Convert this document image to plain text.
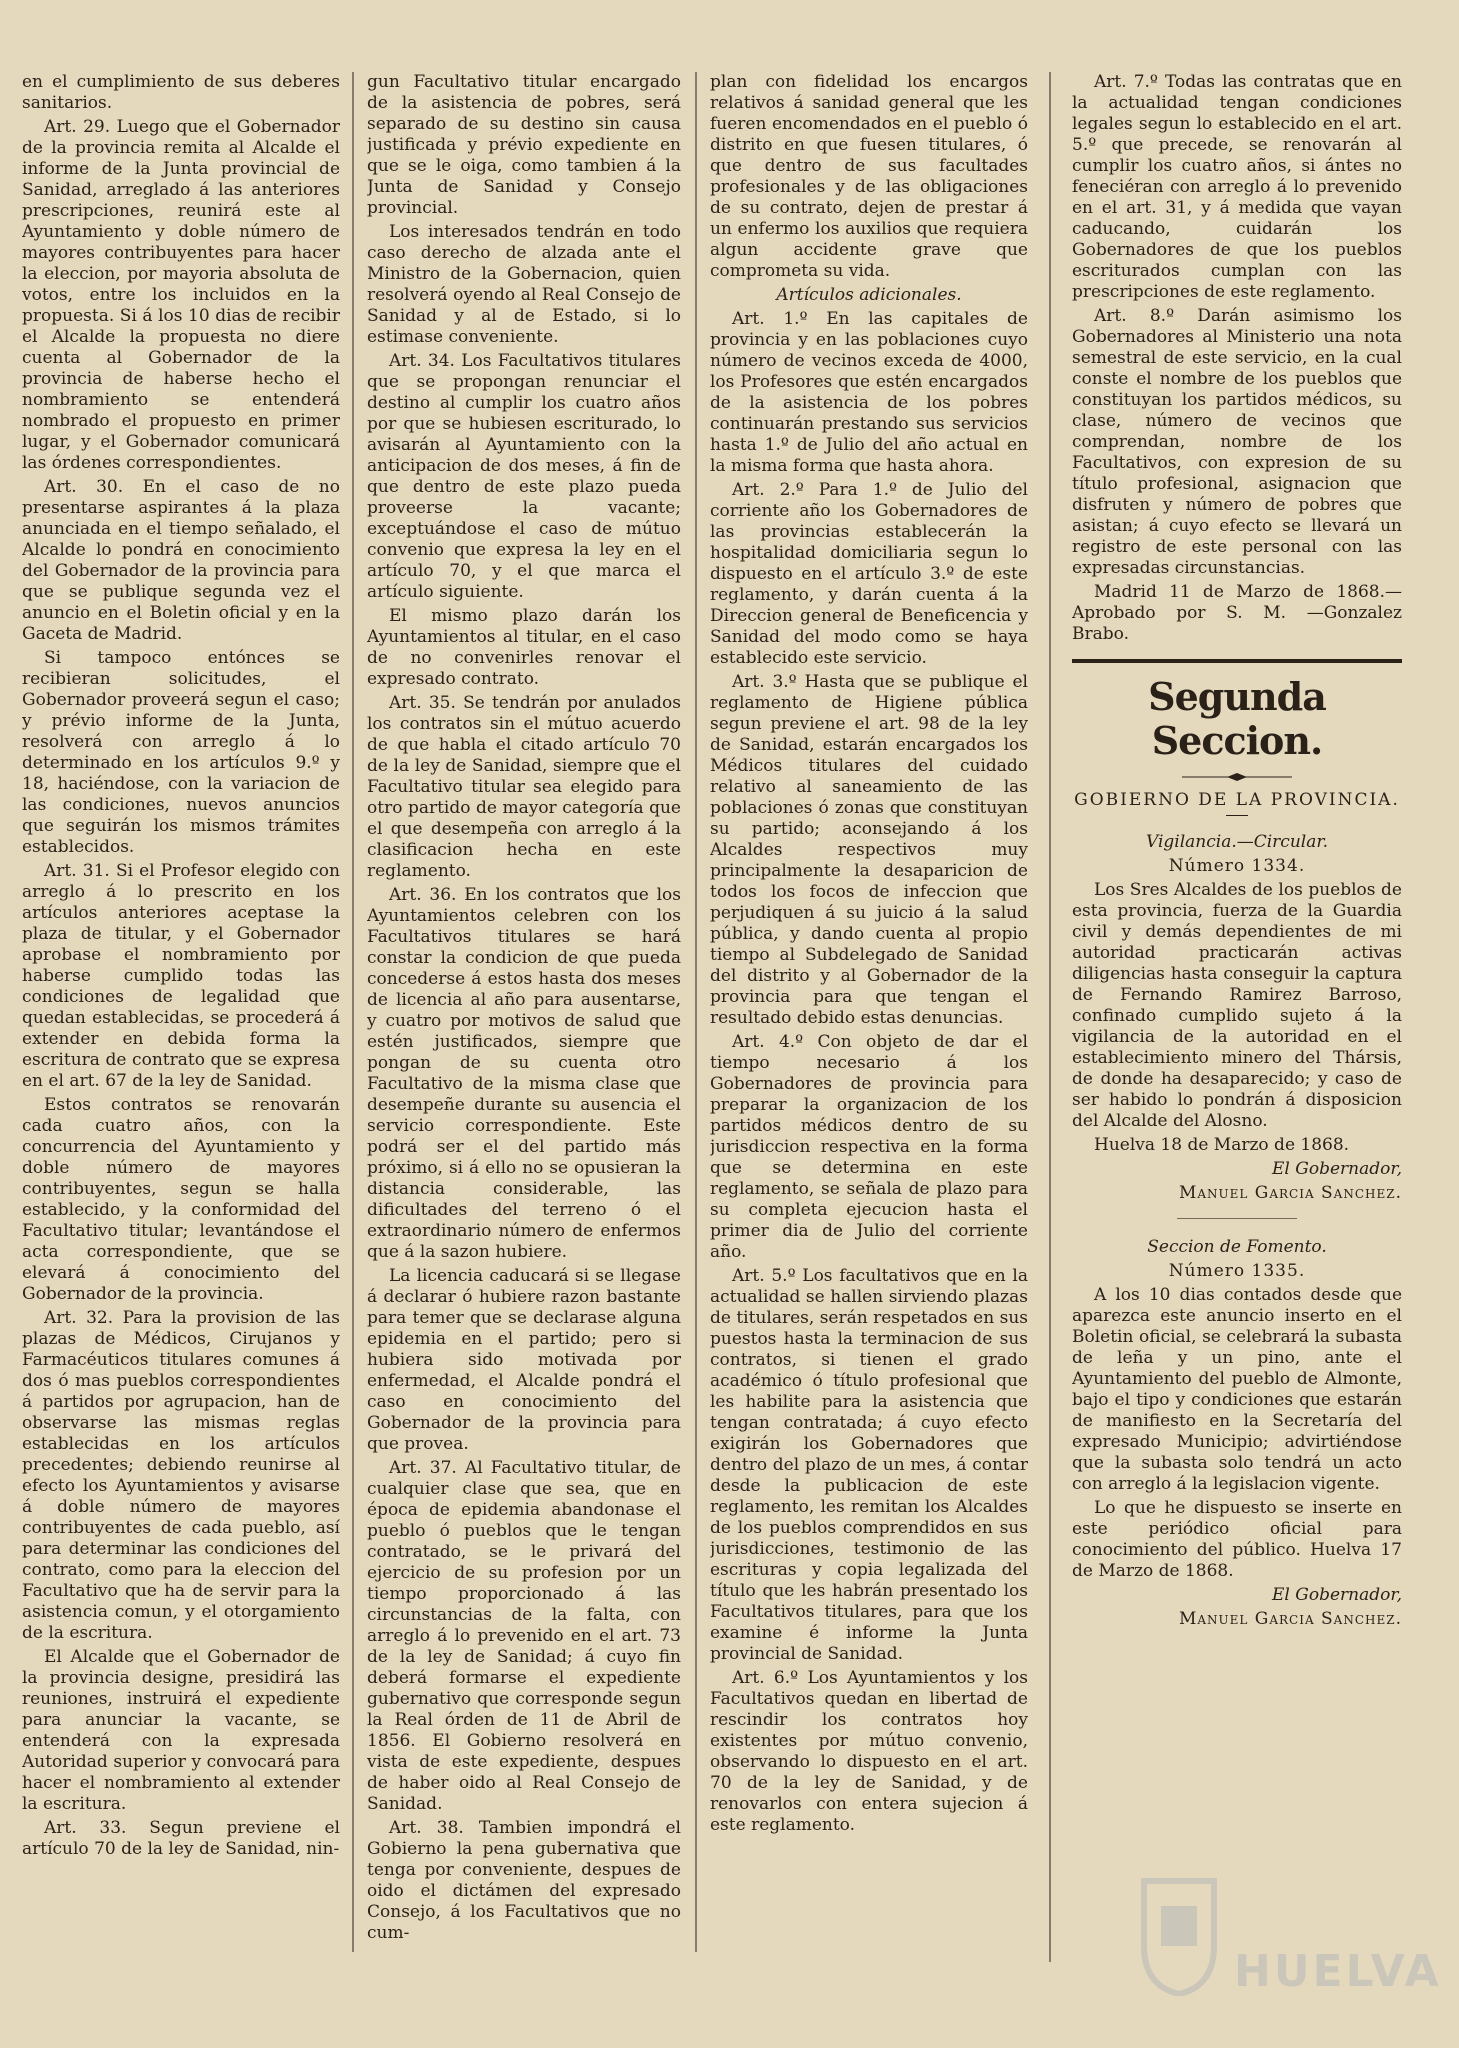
en el cumplimiento de sus deberes sanitarios.

Art. 29. Luego que el Gobernador de la provincia remita al Alcalde el informe de la Junta provincial de Sanidad, arreglado á las anteriores prescripciones, reunirá este al Ayuntamiento y doble número de mayores contribuyentes para hacer la eleccion, por mayoria absoluta de votos, entre los incluidos en la propuesta. Si á los 10 dias de recibir el Alcalde la propuesta no diere cuenta al Gobernador de la provincia de haberse hecho el nombramiento se entenderá nombrado el propuesto en primer lugar, y el Gobernador comunicará las órdenes correspondientes.

Art. 30. En el caso de no presentarse aspirantes á la plaza anunciada en el tiempo señalado, el Alcalde lo pondrá en conocimiento del Gobernador de la provincia para que se publique segunda vez el anuncio en el Boletin oficial y en la Gaceta de Madrid.

Si tampoco entónces se recibieran solicitudes, el Gobernador proveerá segun el caso; y prévio informe de la Junta, resolverá con arreglo á lo determinado en los artículos 9.º y 18, haciéndose, con la variacion de las condiciones, nuevos anuncios que seguirán los mismos trámites establecidos.

Art. 31. Si el Profesor elegido con arreglo á lo prescrito en los artículos anteriores aceptase la plaza de titular, y el Gobernador aprobase el nombramiento por haberse cumplido todas las condiciones de legalidad que quedan establecidas, se procederá á extender en debida forma la escritura de contrato que se expresa en el art. 67 de la ley de Sanidad.

Estos contratos se renovarán cada cuatro años, con la concurrencia del Ayuntamiento y doble número de mayores contribuyentes, segun se halla establecido, y la conformidad del Facultativo titular; levantándose el acta correspondiente, que se elevará á conocimiento del Gobernador de la provincia.

Art. 32. Para la provision de las plazas de Médicos, Cirujanos y Farmacéuticos titulares comunes á dos ó mas pueblos correspondientes á partidos por agrupacion, han de observarse las mismas reglas establecidas en los artículos precedentes; debiendo reunirse al efecto los Ayuntamientos y avisarse á doble número de mayores contribuyentes de cada pueblo, así para determinar las condiciones del contrato, como para la eleccion del Facultativo que ha de servir para la asistencia comun, y el otorgamiento de la escritura.

El Alcalde que el Gobernador de la provincia designe, presidirá las reuniones, instruirá el expediente para anunciar la vacante, se entenderá con la expresada Autoridad superior y convocará para hacer el nombramiento al extender la escritura.

Art. 33. Segun previene el artículo 70 de la ley de Sanidad, nin-

gun Facultativo titular encargado de la asistencia de pobres, será separado de su destino sin causa justificada y prévio expediente en que se le oiga, como tambien á la Junta de Sanidad y Consejo provincial.

Los interesados tendrán en todo caso derecho de alzada ante el Ministro de la Gobernacion, quien resolverá oyendo al Real Consejo de Sanidad y al de Estado, si lo estimase conveniente.

Art. 34. Los Facultativos titulares que se propongan renunciar el destino al cumplir los cuatro años por que se hubiesen escriturado, lo avisarán al Ayuntamiento con la anticipacion de dos meses, á fin de que dentro de este plazo pueda proveerse la vacante; exceptuándose el caso de mútuo convenio que expresa la ley en el artículo 70, y el que marca el artículo siguiente.

El mismo plazo darán los Ayuntamientos al titular, en el caso de no convenirles renovar el expresado contrato.

Art. 35. Se tendrán por anulados los contratos sin el mútuo acuerdo de que habla el citado artículo 70 de la ley de Sanidad, siempre que el Facultativo titular sea elegido para otro partido de mayor categoría que el que desempeña con arreglo á la clasificacion hecha en este reglamento.

Art. 36. En los contratos que los Ayuntamientos celebren con los Facultativos titulares se hará constar la condicion de que pueda concederse á estos hasta dos meses de licencia al año para ausentarse, y cuatro por motivos de salud que estén justificados, siempre que pongan de su cuenta otro Facultativo de la misma clase que desempeñe durante su ausencia el servicio correspondiente. Este podrá ser el del partido más próximo, si á ello no se opusieran la distancia considerable, las dificultades del terreno ó el extraordinario número de enfermos que á la sazon hubiere.

La licencia caducará si se llegase á declarar ó hubiere razon bastante para temer que se declarase alguna epidemia en el partido; pero si hubiera sido motivada por enfermedad, el Alcalde pondrá el caso en conocimiento del Gobernador de la provincia para que provea.

Art. 37. Al Facultativo titular, de cualquier clase que sea, que en época de epidemia abandonase el pueblo ó pueblos que le tengan contratado, se le privará del ejercicio de su profesion por un tiempo proporcionado á las circunstancias de la falta, con arreglo á lo prevenido en el art. 73 de la ley de Sanidad; á cuyo fin deberá formarse el expediente gubernativo que corresponde segun la Real órden de 11 de Abril de 1856. El Gobierno resolverá en vista de este expediente, despues de haber oido al Real Consejo de Sanidad.

Art. 38. Tambien impondrá el Gobierno la pena gubernativa que tenga por conveniente, despues de oido el dictámen del expresado Consejo, á los Facultativos que no cum-

plan con fidelidad los encargos relativos á sanidad general que les fueren encomendados en el pueblo ó distrito en que fuesen titulares, ó que dentro de sus facultades profesionales y de las obligaciones de su contrato, dejen de prestar á un enfermo los auxilios que requiera algun accidente grave que comprometa su vida.

Artículos adicionales.

Art. 1.º En las capitales de provincia y en las poblaciones cuyo número de vecinos exceda de 4000, los Profesores que estén encargados de la asistencia de los pobres continuarán prestando sus servicios hasta 1.º de Julio del año actual en la misma forma que hasta ahora.

Art. 2.º Para 1.º de Julio del corriente año los Gobernadores de las provincias establecerán la hospitalidad domiciliaria segun lo dispuesto en el artículo 3.º de este reglamento, y darán cuenta á la Direccion general de Beneficencia y Sanidad del modo como se haya establecido este servicio.

Art. 3.º Hasta que se publique el reglamento de Higiene pública segun previene el art. 98 de la ley de Sanidad, estarán encargados los Médicos titulares del cuidado relativo al saneamiento de las poblaciones ó zonas que constituyan su partido; aconsejando á los Alcaldes respectivos muy principalmente la desaparicion de todos los focos de infeccion que perjudiquen á su juicio á la salud pública, y dando cuenta al propio tiempo al Subdelegado de Sanidad del distrito y al Gobernador de la provincia para que tengan el resultado debido estas denuncias.

Art. 4.º Con objeto de dar el tiempo necesario á los Gobernadores de provincia para preparar la organizacion de los partidos médicos dentro de su jurisdiccion respectiva en la forma que se determina en este reglamento, se señala de plazo para su completa ejecucion hasta el primer dia de Julio del corriente año.

Art. 5.º Los facultativos que en la actualidad se hallen sirviendo plazas de titulares, serán respetados en sus puestos hasta la terminacion de sus contratos, si tienen el grado académico ó título profesional que les habilite para la asistencia que tengan contratada; á cuyo efecto exigirán los Gobernadores que dentro del plazo de un mes, á contar desde la publicacion de este reglamento, les remitan los Alcaldes de los pueblos comprendidos en sus jurisdicciones, testimonio de las escrituras y copia legalizada del título que les habrán presentado los Facultativos titulares, para que los examine é informe la Junta provincial de Sanidad.

Art. 6.º Los Ayuntamientos y los Facultativos quedan en libertad de rescindir los contratos hoy existentes por mútuo convenio, observando lo dispuesto en el art. 70 de la ley de Sanidad, y de renovarlos con entera sujecion á este reglamento.

Art. 7.º Todas las contratas que en la actualidad tengan condiciones legales segun lo establecido en el art. 5.º que precede, se renovarán al cumplir los cuatro años, si ántes no feneciéran con arreglo á lo prevenido en el art. 31, y á medida que vayan caducando, cuidarán los Gobernadores de que los pueblos escriturados cumplan con las prescripciones de este reglamento.

Art. 8.º Darán asimismo los Gobernadores al Ministerio una nota semestral de este servicio, en la cual conste el nombre de los pueblos que constituyan los partidos médicos, su clase, número de vecinos que comprendan, nombre de los Facultativos, con expresion de su título profesional, asignacion que disfruten y número de pobres que asistan; á cuyo efecto se llevará un registro de este personal con las expresadas circunstancias.

Madrid 11 de Marzo de 1868.—Aprobado por S. M. —Gonzalez Brabo.

Segunda Seccion.

GOBIERNO DE LA PROVINCIA.

Vigilancia.—Circular.

Número 1334.

Los Sres Alcaldes de los pueblos de esta provincia, fuerza de la Guardia civil y demás dependientes de mi autoridad practicarán activas diligencias hasta conseguir la captura de Fernando Ramirez Barroso, confinado cumplido sujeto á la vigilancia de la autoridad en el establecimiento minero del Thársis, de donde ha desaparecido; y caso de ser habido lo pondrán á disposicion del Alcalde del Alosno.

Huelva 18 de Marzo de 1868.

El Gobernador,

Manuel Garcia Sanchez.

Seccion de Fomento.

Número 1335.

A los 10 dias contados desde que aparezca este anuncio inserto en el Boletin oficial, se celebrará la subasta de leña y un pino, ante el Ayuntamiento del pueblo de Almonte, bajo el tipo y condiciones que estarán de manifiesto en la Secretaría del expresado Municipio; advirtiéndose que la subasta solo tendrá un acto con arreglo á la legislacion vigente.

Lo que he dispuesto se inserte en este periódico oficial para conocimiento del público. Huelva 17 de Marzo de 1868.

El Gobernador,

Manuel Garcia Sanchez.

HUELVA
